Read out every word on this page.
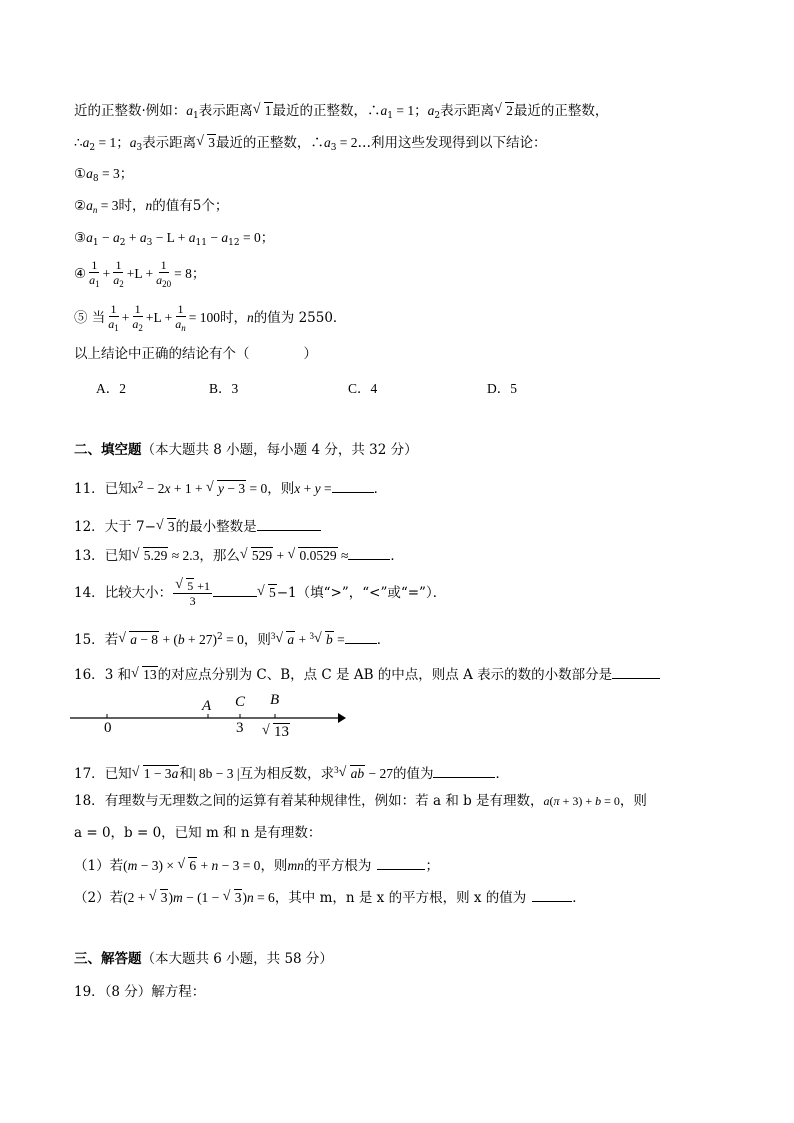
近的正整数·例如：$a_1$表示距离 √ 1最近的正整数，$\therefore a_1 = 1$；$a_2$表示距离 √ 2最近的正整数，
$\therefore a_2 = 1$；$a_3$表示距离 √ 3最近的正整数，$\therefore a_3$ = 2…利用这些发现得到以下结论：
$①a_8 = 3$；
$②a_n = 3$时，n的值有5个；
$③a_1 - a_2 + a_3 - L + a_{11} - a_{12} = 0$；
④ $\frac{1}{a_1} + \frac{1}{a_2} +L + \frac{1}{a_{20}} = 8$；
⑤ 当 $\frac{1}{a_1} + \frac{1}{a_2} +L + \frac{1}{a_n} = 100$时，n的值为 2550．
以上结论中正确的结论有个（　　　　）
A．2	B．3	C．4	D．5
二、填空题（本大题共 8 小题，每小题 4 分，共 32 分）
11．已知$x^2 - 2x + 1$ + √ y − 3 = 0，则x + y =	．
12．大于 7− √ 3的最小整数是
13．已知 √ 5.29 ≈ 2.3，那么 √ 529 + √ 0.0529 ≈	．
14．比较大小： √ $\frac{5 +1}{3}$	√ 5−1（填“>”，“<”或“=”）．
15．若 √ $a - 8 + (b + 27)^2 = 0$，则$^3$ √ a + $^3$ √ b = ．
16．3 和 √ 13的对应点分别为 C、B，点 C 是 AB 的中点，则点 A 表示的数的小数部分是
A C B
0	3	√ 13
17．已知 √ 1 − 3a和| 8b − 3 |互为相反数，求$^3$ √ ab − 27的值为	．
18．有理数与无理数之间的运算有着某种规律性，例如：若 a 和 b 是有理数，a(π + 3) + b = 0，则
a = 0，b = 0，已知 m 和 n 是有理数：
（1）若(m − 3) × √ 6 + n − 3 = 0，则mn的平方根为	；
（2）若(2 + √ 3)m − (1 − √ 3)n = 6，其中 m，n 是 x 的平方根，则 x 的值为	．
三、解答题（本大题共 6 小题，共 58 分）
19．（8 分）解方程：
